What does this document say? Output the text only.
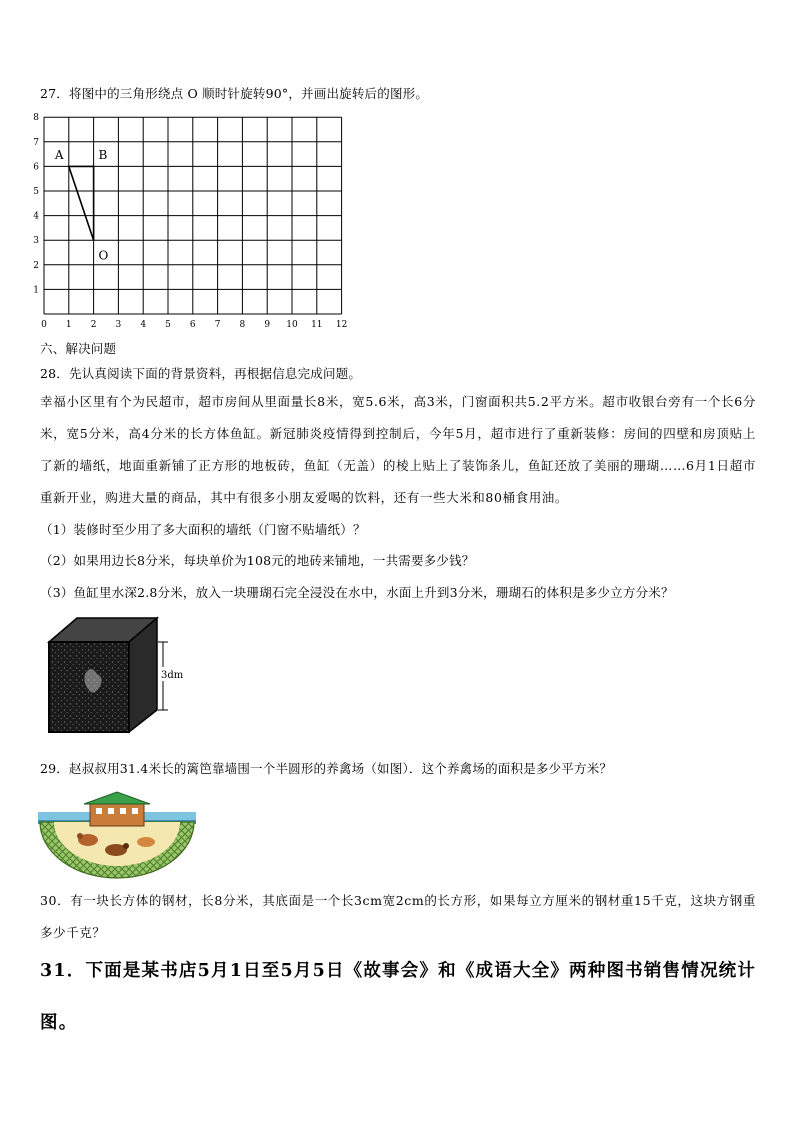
27．将图中的三角形绕点 O 顺时针旋转90°，并画出旋转后的图形。
0 1 2 3 4 5 6 7 8 9 10 11 12
1
2
3
4
5
6
7
8
A	B
O
六、解决问题
28．先认真阅读下面的背景资料，再根据信息完成问题。
幸福小区里有个为民超市，超市房间从里面量长8米，宽5.6米，高3米，门窗面积共5.2平方米。超市收银台旁有一个长6分米，宽5分米，高4分米的长方体鱼缸。新冠肺炎疫情得到控制后，今年5月，超市进行了重新装修：房间的四壁和房顶贴上了新的墙纸，地面重新铺了正方形的地板砖，鱼缸（无盖）的棱上贴上了装饰条儿，鱼缸还放了美丽的珊瑚……6月1日超市重新开业，购进大量的商品，其中有很多小朋友爱喝的饮料，还有一些大米和80桶食用油。
（1）装修时至少用了多大面积的墙纸（门窗不贴墙纸）？
（2）如果用边长8分米，每块单价为108元的地砖来铺地，一共需要多少钱？
（3）鱼缸里水深2.8分米，放入一块珊瑚石完全浸没在水中，水面上升到3分米，珊瑚石的体积是多少立方分米？
3dm
29．赵叔叔用31.4米长的篱笆靠墙围一个半圆形的养禽场（如图）．这个养禽场的面积是多少平方米？
30．有一块长方体的钢材，长8分米，其底面是一个长3cm宽2cm的长方形，如果每立方厘米的钢材重15千克，这块方钢重多少千克？
31．下面是某书店5月1日至5月5日《故事会》和《成语大全》两种图书销售情况统计图。
